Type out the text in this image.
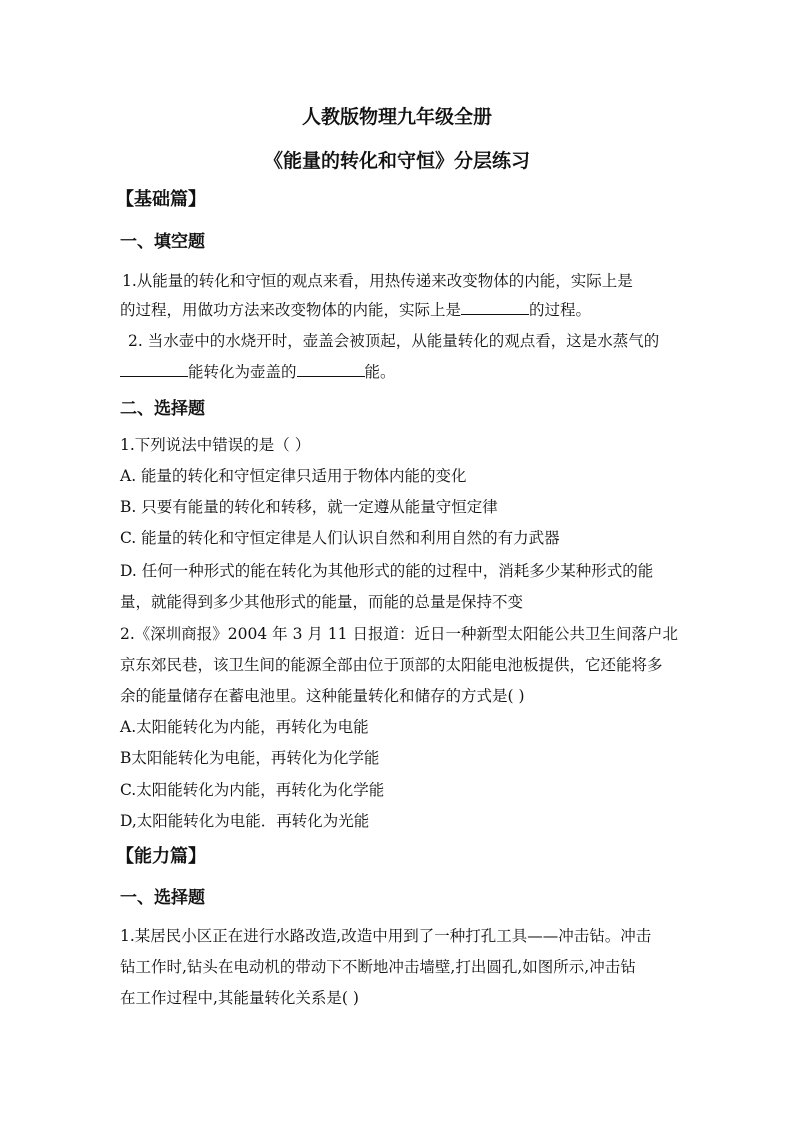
人教版物理九年级全册
《能量的转化和守恒》分层练习
【基础篇】
一、填空题
1.从能量的转化和守恒的观点来看，用热传递来改变物体的内能，实际上是
的过程，用做功方法来改变物体的内能，实际上是	的过程。
2. 当水壶中的水烧开时，壶盖会被顶起，从能量转化的观点看，这是水蒸气的
能转化为壶盖的	能。
二、选择题
1.下列说法中错误的是（ ）
A. 能量的转化和守恒定律只适用于物体内能的变化
B. 只要有能量的转化和转移，就一定遵从能量守恒定律
C. 能量的转化和守恒定律是人们认识自然和利用自然的有力武器
D. 任何一种形式的能在转化为其他形式的能的过程中，消耗多少某种形式的能
量，就能得到多少其他形式的能量，而能的总量是保持不变
2.《深圳商报》2004 年 3 月 11 日报道：近日一种新型太阳能公共卫生间落户北
京东郊民巷，该卫生间的能源全部由位于顶部的太阳能电池板提供，它还能将多
余的能量储存在蓄电池里。这种能量转化和储存的方式是( )
A.太阳能转化为内能，再转化为电能
B太阳能转化为电能，再转化为化学能
C.太阳能转化为内能，再转化为化学能
D,太阳能转化为电能．再转化为光能
【能力篇】
一、选择题
1.某居民小区正在进行水路改造,改造中用到了一种打孔工具——冲击钻。冲击
钻工作时,钻头在电动机的带动下不断地冲击墙壁,打出圆孔,如图所示,冲击钻
在工作过程中,其能量转化关系是( )
